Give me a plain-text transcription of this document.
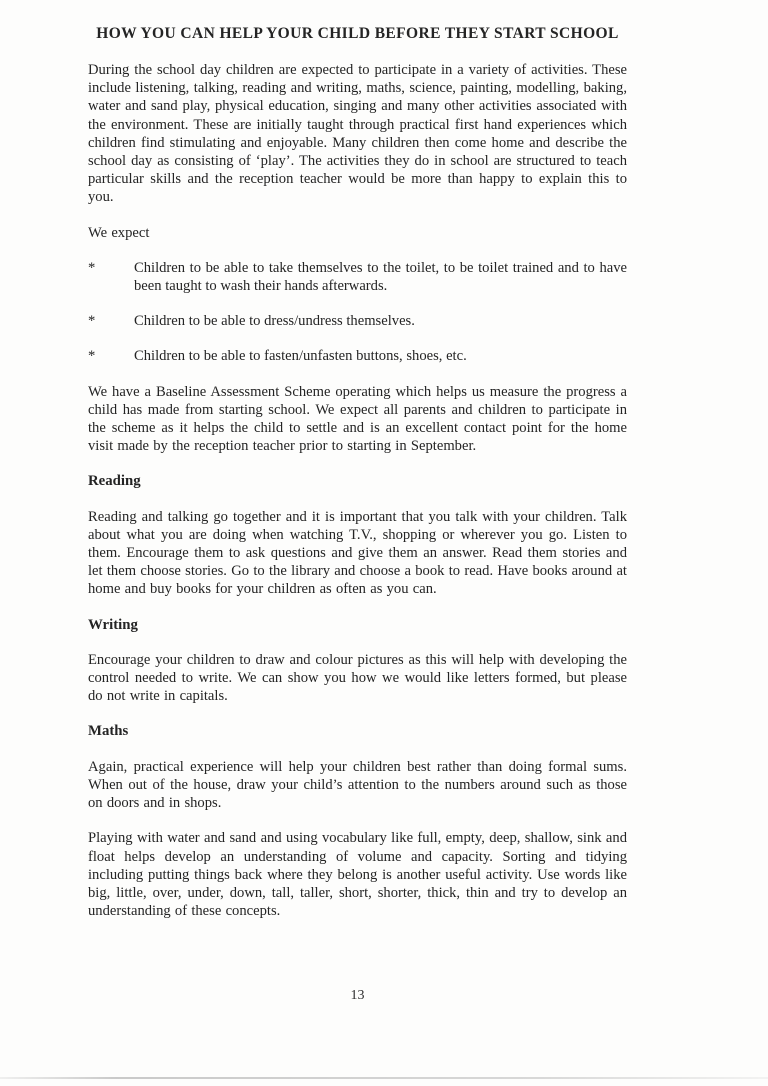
HOW YOU CAN HELP YOUR CHILD BEFORE THEY START SCHOOL

During the school day children are expected to participate in a variety of activities. These include listening, talking, reading and writing, maths, science, painting, modelling, baking, water and sand play, physical education, singing and many other activities associated with the environment. These are initially taught through practical first hand experiences which children find stimulating and enjoyable. Many children then come home and describe the school day as consisting of ‘play’. The activities they do in school are structured to teach particular skills and the reception teacher would be more than happy to explain this to you.

We expect

*	Children to be able to take themselves to the toilet, to be toilet trained and to have been taught to wash their hands afterwards.
*	Children to be able to dress/undress themselves.
*	Children to be able to fasten/unfasten buttons, shoes, etc.

We have a Baseline Assessment Scheme operating which helps us measure the progress a child has made from starting school. We expect all parents and children to participate in the scheme as it helps the child to settle and is an excellent contact point for the home visit made by the reception teacher prior to starting in September.

Reading

Reading and talking go together and it is important that you talk with your children. Talk about what you are doing when watching T.V., shopping or wherever you go. Listen to them. Encourage them to ask questions and give them an answer. Read them stories and let them choose stories. Go to the library and choose a book to read. Have books around at home and buy books for your children as often as you can.

Writing

Encourage your children to draw and colour pictures as this will help with developing the control needed to write. We can show you how we would like letters formed, but please do not write in capitals.

Maths

Again, practical experience will help your children best rather than doing formal sums. When out of the house, draw your child’s attention to the numbers around such as those on doors and in shops.

Playing with water and sand and using vocabulary like full, empty, deep, shallow, sink and float helps develop an understanding of volume and capacity. Sorting and tidying including putting things back where they belong is another useful activity. Use words like big, little, over, under, down, tall, taller, short, shorter, thick, thin and try to develop an understanding of these concepts.

13
